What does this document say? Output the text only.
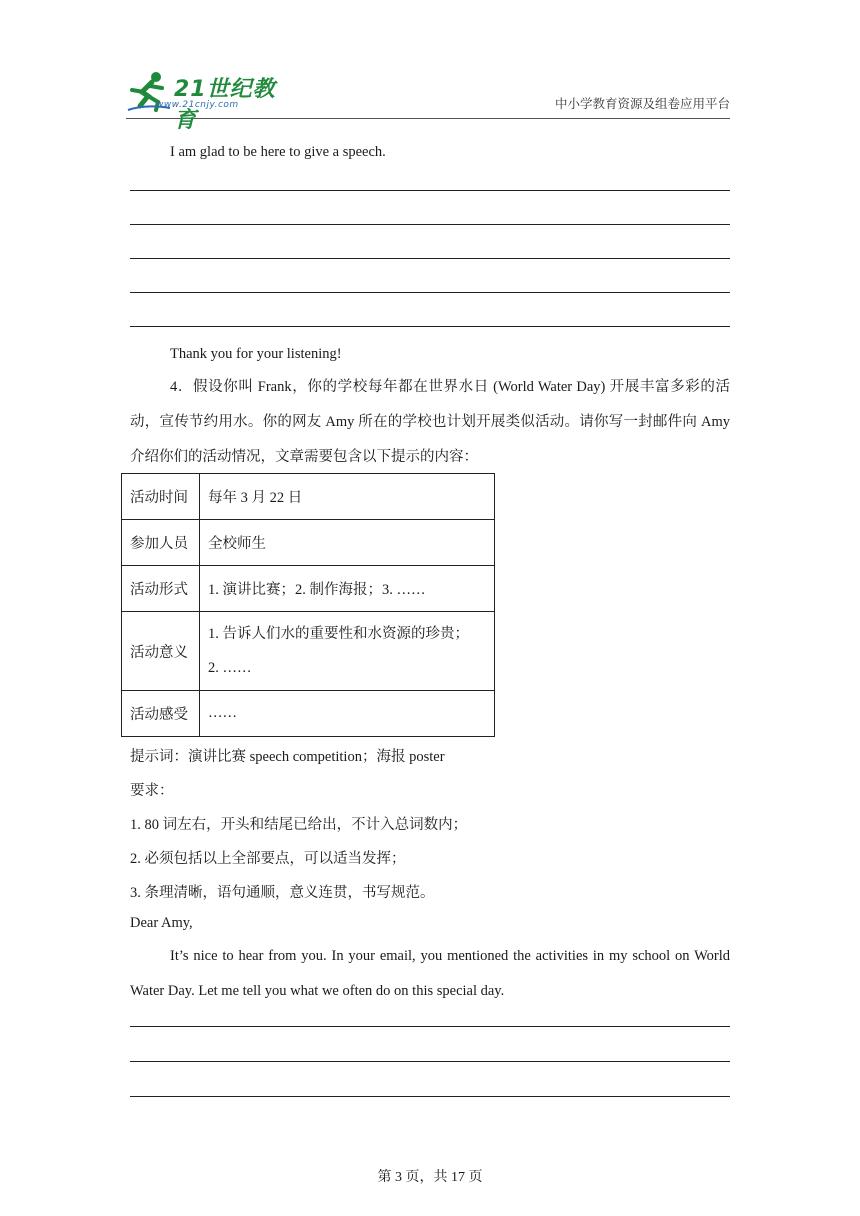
21世纪教育
www.21cnjy.com	中小学教育资源及组卷应用平台
I am glad to be here to give a speech.
Thank you for your listening!
4．假设你叫 Frank，你的学校每年都在世界水日 (World Water Day) 开展丰富多彩的活动，宣传节约用水。你的网友 Amy 所在的学校也计划开展类似活动。请你写一封邮件向 Amy 介绍你们的活动情况，文章需要包含以下提示的内容：
活动时间	每年 3 月 22 日
参加人员	全校师生
活动形式	1. 演讲比赛；2. 制作海报；3. ……
活动意义	1. 告诉人们水的重要性和水资源的珍贵；
2. ……

活动感受	……
提示词：演讲比赛 speech competition；海报 poster
要求：
1. 80 词左右，开头和结尾已给出，不计入总词数内；
2. 必须包括以上全部要点，可以适当发挥；
3. 条理清晰，语句通顺，意义连贯，书写规范。
Dear Amy,
It’s nice to hear from you. In your email, you mentioned the activities in my school on World Water Day. Let me tell you what we often do on this special day.
第 3 页，共 17 页
